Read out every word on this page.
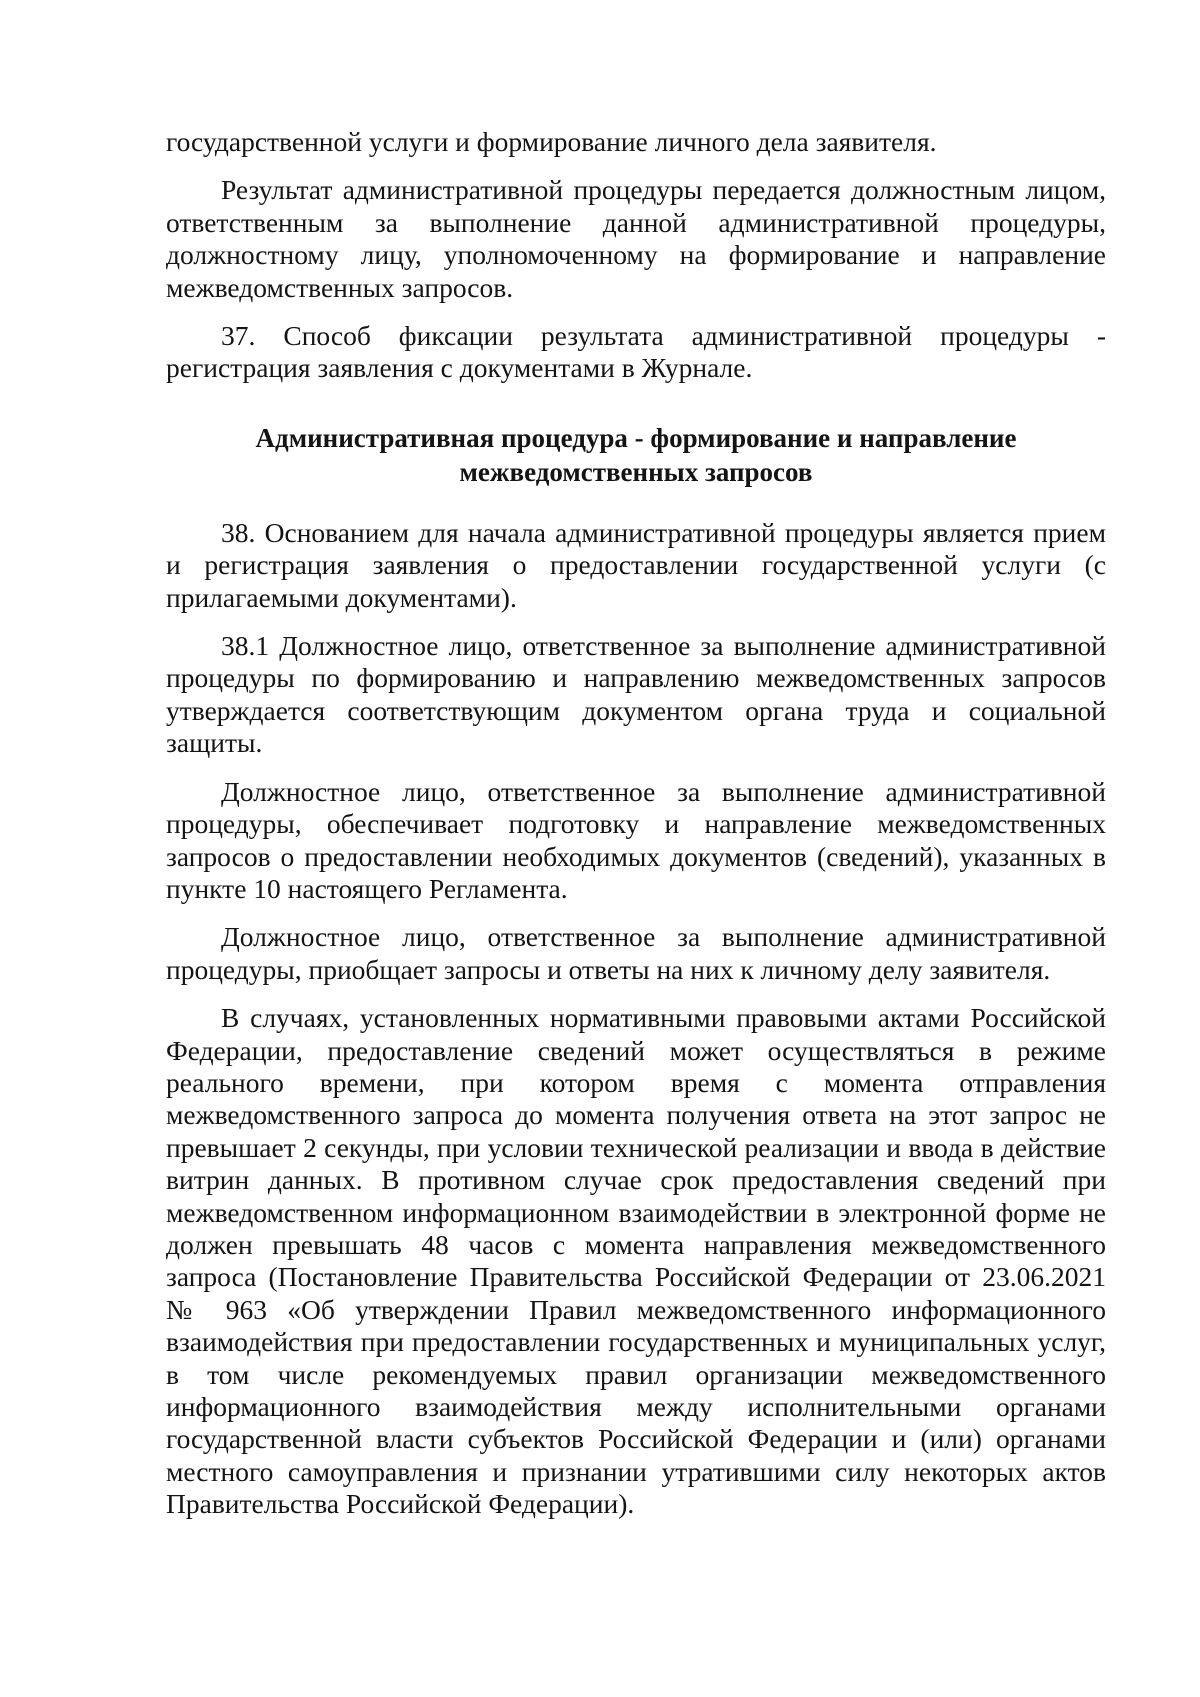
государственной услуги и формирование личного дела заявителя.

Результат административной процедуры передается должностным лицом, ответственным за выполнение данной административной процедуры, должностному лицу, уполномоченному на формирование и направление межведомственных запросов.

37. Способ фиксации результата административной процедуры - регистрация заявления с документами в Журнале.

Административная процедура - формирование и направление
межведомственных запросов

38. Основанием для начала административной процедуры является прием и регистрация заявления о предоставлении государственной услуги (с прилагаемыми документами).

38.1 Должностное лицо, ответственное за выполнение административной процедуры по формированию и направлению межведомственных запросов утверждается соответствующим документом органа труда и социальной защиты.

Должностное лицо, ответственное за выполнение административной процедуры, обеспечивает подготовку и направление межведомственных запросов о предоставлении необходимых документов (сведений), указанных в пункте 10 настоящего Регламента.

Должностное лицо, ответственное за выполнение административной процедуры, приобщает запросы и ответы на них к личному делу заявителя.

В случаях, установленных нормативными правовыми актами Российской Федерации, предоставление сведений может осуществляться в режиме реального времени, при котором время с момента отправления межведомственного запроса до момента получения ответа на этот запрос не превышает 2 секунды, при условии технической реализации и ввода в действие витрин данных. В противном случае срок предоставления сведений при межведомственном информационном взаимодействии в электронной форме не должен превышать 48 часов с момента направления межведомственного запроса (Постановление Правительства Российской Федерации от 23.06.2021 № 963 «Об утверждении Правил межведомственного информационного взаимодействия при предоставлении государственных и муниципальных услуг, в том числе рекомендуемых правил организации межведомственного информационного взаимодействия между исполнительными органами государственной власти субъектов Российской Федерации и (или) органами местного самоуправления и признании утратившими силу некоторых актов Правительства Российской Федерации).
